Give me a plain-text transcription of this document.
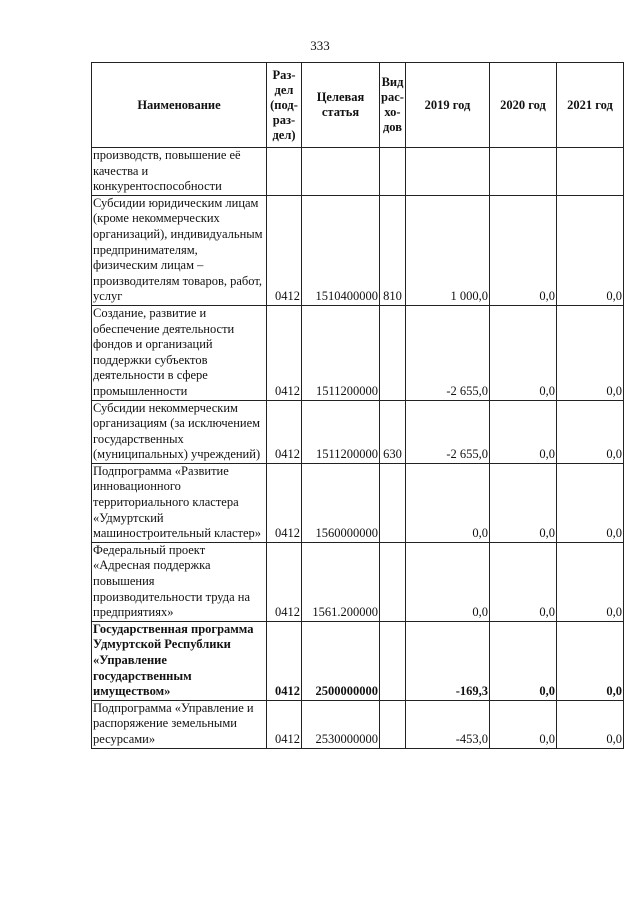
333
Наименование	Раз-
дел
(под-
раз-
дел)	Целевая
статья	Вид
рас-
хо-
дов	2019 год	2020 год	2021 год
производств, повышение её качества и конкурентоспособности						
Субсидии юридическим лицам (кроме некоммерческих организаций), индивидуальным предпринимателям, физическим лицам – производителям товаров, работ, услуг	0412	1510400000	810	1 000,0	0,0	0,0
Создание, развитие и обеспечение деятельности фондов и организаций поддержки субъектов деятельности в сфере промышленности	0412	1511200000		-2 655,0	0,0	0,0
Субсидии некоммерческим организациям (за исключением государственных (муниципальных) учреждений)	0412	1511200000	630	-2 655,0	0,0	0,0
Подпрограмма «Развитие инновационного территориального кластера «Удмуртский машиностроительный кластер»	0412	1560000000		0,0	0,0	0,0
Федеральный проект «Адресная поддержка повышения производительности труда на предприятиях»	0412	1561.200000		0,0	0,0	0,0
Государственная программа Удмуртской Республики «Управление государственным имуществом»	0412	2500000000		-169,3	0,0	0,0
Подпрограмма «Управление и распоряжение земельными ресурсами»	0412	2530000000		-453,0	0,0	0,0
